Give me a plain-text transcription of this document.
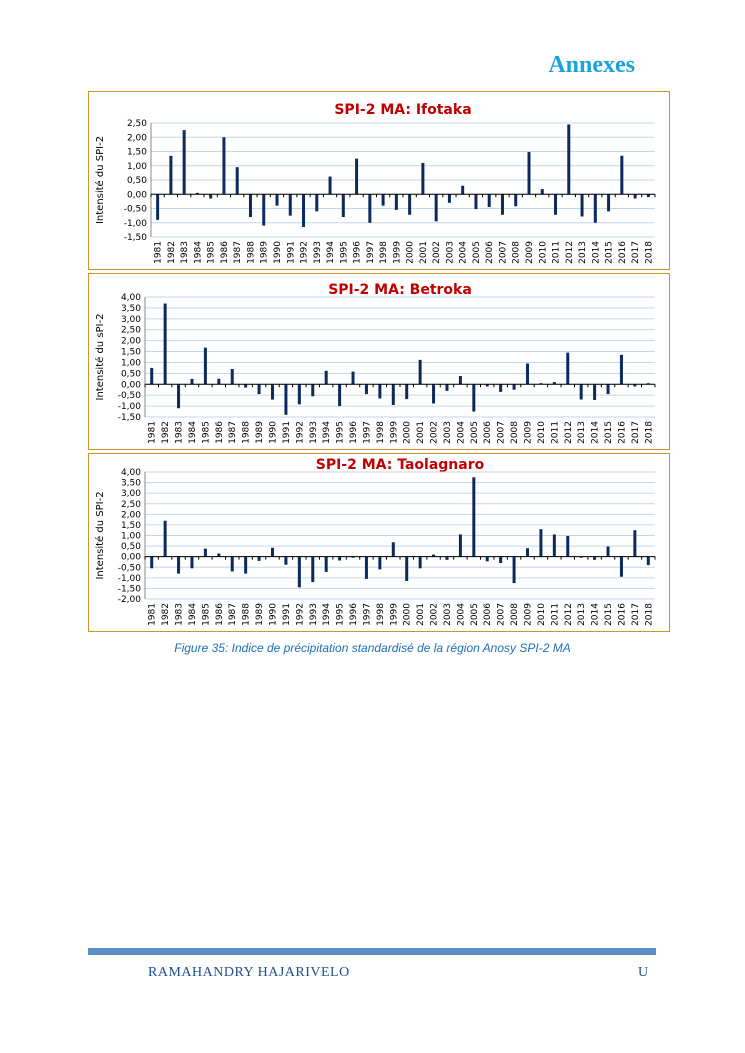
Annexes
SPI-2 MA: Ifotaka
-1,50
-1,00
-0,50
0,00
0,50
1,00
1,50
2,00
2,50
Intensité du SPI-2
1981 1982 1983 1984 1985 1986 1987 1988 1989 1990 1991 1992 1993 1994 1995 1996 1997 1998 1999 2000 2001 2002 2003 2004 2005 2006 2007 2008 2009 2010 2011 2012 2013 2014 2015 2016 2017 2018
SPI-2 MA: Betroka
-1,50
-1,00
-0,50
0,00
0,50
1,00
1,50
2,00
2,50
3,00
3,50
4,00
Intensité du sPI-2
1981 1982 1983 1984 1985 1986 1987 1988 1989 1990 1991 1992 1993 1994 1995 1996 1997 1998 1999 2000 2001 2002 2003 2004 2005 2006 2007 2008 2009 2010 2011 2012 2013 2014 2015 2016 2017 2018
SPI-2 MA: Taolagnaro
-2,00
-1,50
-1,00
-0,50
0,00
0,50
1,00
1,50
2,00
2,50
3,00
3,50
4,00
Intensité du SPI-2
1981 1982 1983 1984 1985 1986 1987 1988 1989 1990 1991 1992 1993 1994 1995 1996 1997 1998 1999 2000 2001 2002 2003 2004 2005 2006 2007 2008 2009 2010 2011 2012 2013 2014 2015 2016 2017 2018
Figure 35: Indice de précipitation standardisé de la région Anosy SPI-2 MA
RAMAHANDRY HAJARIVELO	U
